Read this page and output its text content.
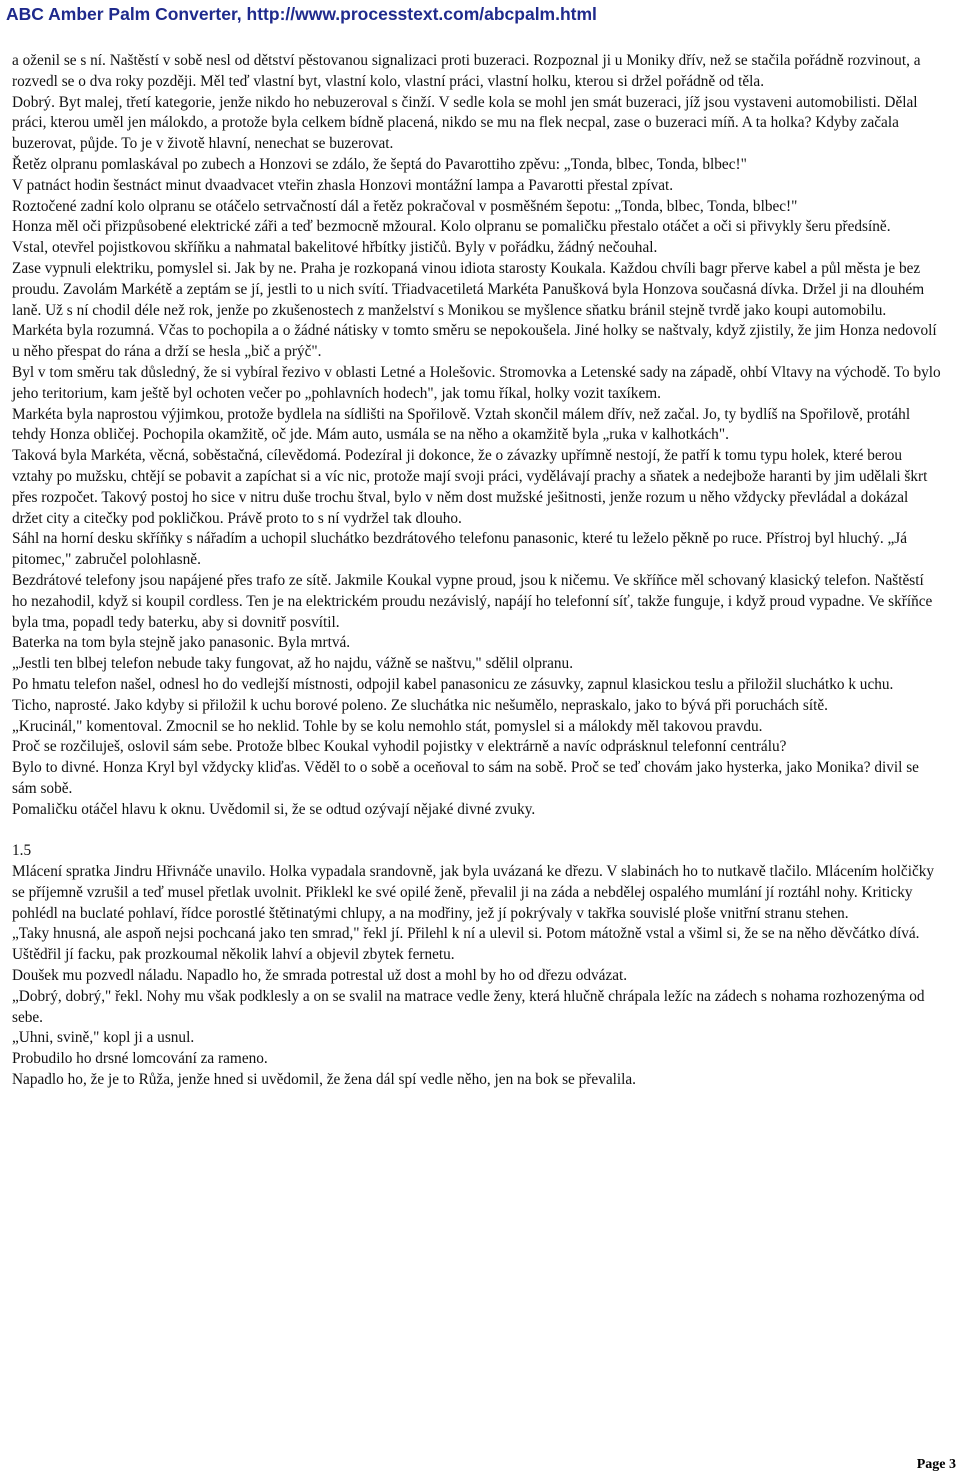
ABC Amber Palm Converter, http://www.processtext.com/abcpalm.html

a oženil se s ní. Naštěstí v sobě nesl od dětství pěstovanou signalizaci proti buzeraci. Rozpoznal ji u Moniky dřív, než se stačila pořádně rozvinout, a rozvedl se o dva roky později. Měl teď vlastní byt, vlastní kolo, vlastní práci, vlastní holku, kterou si držel pořádně od těla.

Dobrý. Byt malej, třetí kategorie, jenže nikdo ho nebuzeroval s činží. V sedle kola se mohl jen smát buzeraci, jíž jsou vystaveni automobilisti. Dělal práci, kterou uměl jen málokdo, a protože byla celkem bídně placená, nikdo se mu na flek necpal, zase o buzeraci míň. A ta holka? Kdyby začala buzerovat, půjde. To je v životě hlavní, nenechat se buzerovat.

Řetěz olpranu pomlaskával po zubech a Honzovi se zdálo, že šeptá do Pavarottiho zpěvu: „Tonda, blbec, Tonda, blbec!"

V patnáct hodin šestnáct minut dvaadvacet vteřin zhasla Honzovi montážní lampa a Pavarotti přestal zpívat.

Roztočené zadní kolo olpranu se otáčelo setrvačností dál a řetěz pokračoval v posměšném šepotu: „Tonda, blbec, Tonda, blbec!"

Honza měl oči přizpůsobené elektrické záři a teď bezmocně mžoural. Kolo olpranu se pomaličku přestalo otáčet a oči si přivykly šeru předsíně.

Vstal, otevřel pojistkovou skříňku a nahmatal bakelitové hřbítky jističů. Byly v pořádku, žádný nečouhal.

Zase vypnuli elektriku, pomyslel si. Jak by ne. Praha je rozkopaná vinou idiota starosty Koukala. Každou chvíli bagr přerve kabel a půl města je bez proudu. Zavolám Markétě a zeptám se jí, jestli to u nich svítí. Třiadvacetiletá Markéta Panušková byla Honzova současná dívka. Držel ji na dlouhém laně. Už s ní chodil déle než rok, jenže po zkušenostech z manželství s Monikou se myšlence sňatku bránil stejně tvrdě jako koupi automobilu.

Markéta byla rozumná. Včas to pochopila a o žádné nátisky v tomto směru se nepokoušela. Jiné holky se naštvaly, když zjistily, že jim Honza nedovolí u něho přespat do rána a drží se hesla „bič a prýč".

Byl v tom směru tak důsledný, že si vybíral řezivo v oblasti Letné a Holešovic. Stromovka a Letenské sady na západě, ohbí Vltavy na východě. To bylo jeho teritorium, kam ještě byl ochoten večer po „pohlavních hodech", jak tomu říkal, holky vozit taxíkem.

Markéta byla naprostou výjimkou, protože bydlela na sídlišti na Spořilově. Vztah skončil málem dřív, než začal. Jo, ty bydlíš na Spořilově, protáhl tehdy Honza obličej. Pochopila okamžitě, oč jde. Mám auto, usmála se na něho a okamžitě byla „ruka v kalhotkách".

Taková byla Markéta, věcná, soběstačná, cílevědomá. Podezíral ji dokonce, že o závazky upřímně nestojí, že patří k tomu typu holek, které berou vztahy po mužsku, chtějí se pobavit a zapíchat si a víc nic, protože mají svoji práci, vydělávají prachy a sňatek a nedejbože haranti by jim udělali škrt přes rozpočet. Takový postoj ho sice v nitru duše trochu štval, bylo v něm dost mužské ješitnosti, jenže rozum u něho vždycky převládal a dokázal držet city a citečky pod pokličkou. Právě proto to s ní vydržel tak dlouho.

Sáhl na horní desku skříňky s nářadím a uchopil sluchátko bezdrátového telefonu panasonic, které tu leželo pěkně po ruce. Přístroj byl hluchý. „Já pitomec," zabručel polohlasně.

Bezdrátové telefony jsou napájené přes trafo ze sítě. Jakmile Koukal vypne proud, jsou k ničemu. Ve skříňce měl schovaný klasický telefon. Naštěstí ho nezahodil, když si koupil cordless. Ten je na elektrickém proudu nezávislý, napájí ho telefonní síť, takže funguje, i když proud vypadne. Ve skříňce byla tma, popadl tedy baterku, aby si dovnitř posvítil.

Baterka na tom byla stejně jako panasonic. Byla mrtvá.

„Jestli ten blbej telefon nebude taky fungovat, až ho najdu, vážně se naštvu," sdělil olpranu.

Po hmatu telefon našel, odnesl ho do vedlejší místnosti, odpojil kabel panasonicu ze zásuvky, zapnul klasickou teslu a přiložil sluchátko k uchu.

Ticho, naprosté. Jako kdyby si přiložil k uchu borové poleno. Ze sluchátka nic nešumělo, nepraskalo, jako to bývá při poruchách sítě.

„Krucinál," komentoval. Zmocnil se ho neklid. Tohle by se kolu nemohlo stát, pomyslel si a málokdy měl takovou pravdu.

Proč se rozčiluješ, oslovil sám sebe. Protože blbec Koukal vyhodil pojistky v elektrárně a navíc odprásknul telefonní centrálu?

Bylo to divné. Honza Kryl byl vždycky kliďas. Věděl to o sobě a oceňoval to sám na sobě. Proč se teď chovám jako hysterka, jako Monika? divil se sám sobě.

Pomaličku otáčel hlavu k oknu. Uvědomil si, že se odtud ozývají nějaké divné zvuky.

1.5

Mlácení spratka Jindru Hřivnáče unavilo. Holka vypadala srandovně, jak byla uvázaná ke dřezu. V slabinách ho to nutkavě tlačilo. Mlácením holčičky se příjemně vzrušil a teď musel přetlak uvolnit. Přiklekl ke své opilé ženě, převalil ji na záda a nebdělej ospalého mumlání jí roztáhl nohy. Kriticky pohlédl na buclaté pohlaví, řídce porostlé štětinatými chlupy, a na modřiny, jež jí pokrývaly v takřka souvislé ploše vnitřní stranu stehen.

„Taky hnusná, ale aspoň nejsi pochcaná jako ten smrad," řekl jí. Přilehl k ní a ulevil si. Potom mátožně vstal a všiml si, že se na něho děvčátko dívá. Uštědřil jí facku, pak prozkoumal několik lahví a objevil zbytek fernetu.

Doušek mu pozvedl náladu. Napadlo ho, že smrada potrestal už dost a mohl by ho od dřezu odvázat.

„Dobrý, dobrý," řekl. Nohy mu však podklesly a on se svalil na matrace vedle ženy, která hlučně chrápala ležíc na zádech s nohama rozhozenýma od sebe.

„Uhni, svině," kopl ji a usnul.

Probudilo ho drsné lomcování za rameno.

Napadlo ho, že je to Růža, jenže hned si uvědomil, že žena dál spí vedle něho, jen na bok se převalila.

Page 3
